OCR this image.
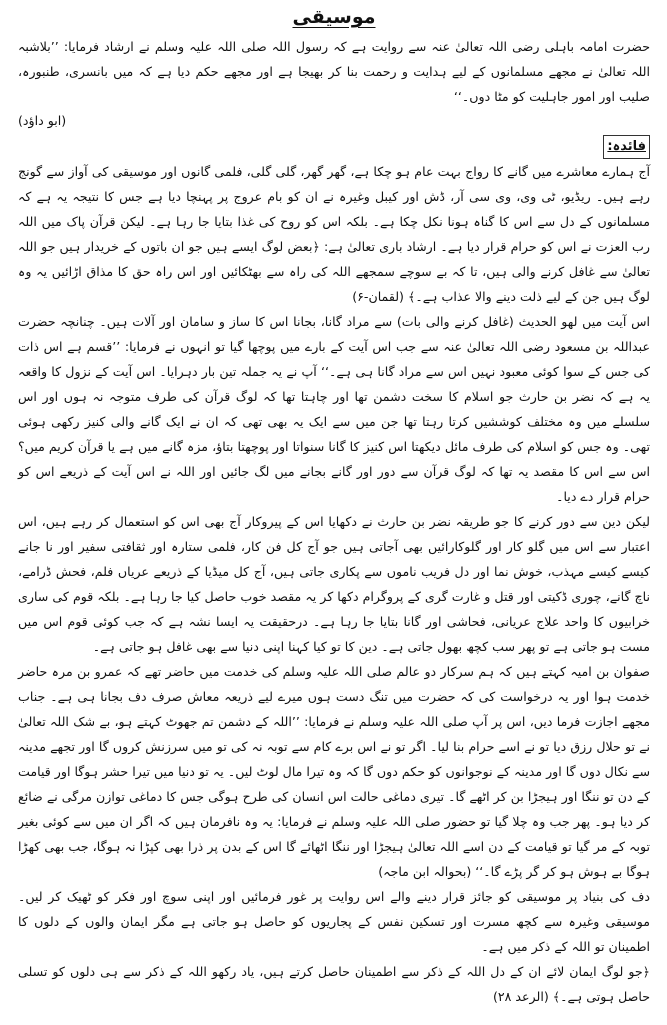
موسیقی

حضرت امامہ باہلی رضی اللہ تعالیٰ عنہ سے روایت ہے کہ رسول اللہ صلی اللہ علیہ وسلم نے ارشاد فرمایا: ’’بلاشبہ اللہ تعالیٰ نے مجھے مسلمانوں کے لیے ہدایت و رحمت بنا کر بھیجا ہے اور مجھے حکم دیا ہے کہ میں بانسری، طنبورہ، صلیب اور امور جاہلیت کو مٹا دوں۔‘‘

(ابو داؤد)

فائدہ:

آج ہمارے معاشرے میں گانے کا رواج بہت عام ہو چکا ہے، گھر گھر، گلی گلی، فلمی گانوں اور موسیقی کی آواز سے گونج رہے ہیں۔ ریڈیو، ٹی وی، وی سی آر، ڈش اور کیبل وغیرہ نے ان کو بام عروج پر پہنچا دیا ہے جس کا نتیجہ یہ ہے کہ مسلمانوں کے دل سے اس کا گناہ ہونا نکل چکا ہے۔ بلکہ اس کو روح کی غذا بتایا جا رہا ہے۔ لیکن قرآن پاک میں اللہ رب العزت نے اس کو حرام قرار دیا ہے۔ ارشاد باری تعالیٰ ہے: ﴿بعض لوگ ایسے ہیں جو ان باتوں کے خریدار ہیں جو اللہ تعالیٰ سے غافل کرنے والی ہیں، تا کہ بے سوچے سمجھے اللہ کی راہ سے بھٹکائیں اور اس راہ حق کا مذاق اڑائیں یہ وہ لوگ ہیں جن کے لیے ذلت دینے والا عذاب ہے۔﴾ (لقمان-۶)

اس آیت میں لھو الحدیث (غافل کرنے والی بات) سے مراد گانا، بجانا اس کا ساز و سامان اور آلات ہیں۔ چنانچہ حضرت عبداللہ بن مسعود رضی اللہ تعالیٰ عنہ سے جب اس آیت کے بارے میں پوچھا گیا تو انہوں نے فرمایا: ’’قسم ہے اس ذات کی جس کے سوا کوئی معبود نہیں اس سے مراد گانا ہی ہے۔‘‘ آپ نے یہ جملہ تین بار دہرایا۔ اس آیت کے نزول کا واقعہ یہ ہے کہ نضر بن حارث جو اسلام کا سخت دشمن تھا اور چاہتا تھا کہ لوگ قرآن کی طرف متوجہ نہ ہوں اور اس سلسلے میں وہ مختلف کوششیں کرتا رہتا تھا جن میں سے ایک یہ بھی تھی کہ ان نے ایک گانے والی کنیز رکھی ہوئی تھی۔ وہ جس کو اسلام کی طرف مائل دیکھتا اس کنیز کا گانا سنواتا اور پوچھتا بتاؤ، مزہ گانے میں ہے یا قرآن کریم میں؟ اس سے اس کا مقصد یہ تھا کہ لوگ قرآن سے دور اور گانے بجانے میں لگ جائیں اور اللہ نے اس آیت کے ذریعے اس کو حرام قرار دے دیا۔

لیکن دین سے دور کرنے کا جو طریقہ نضر بن حارث نے دکھایا اس کے پیروکار آج بھی اس کو استعمال کر رہے ہیں، اس اعتبار سے اس میں گلو کار اور گلوکارائیں بھی آجاتی ہیں جو آج کل فن کار، فلمی ستارہ اور ثقافتی سفیر اور نا جانے کیسے کیسے مہذب، خوش نما اور دل فریب ناموں سے پکاری جاتی ہیں، آج کل میڈیا کے ذریعے عریاں فلم، فحش ڈرامے، ناچ گانے، چوری ڈکیتی اور قتل و غارت گری کے پروگرام دکھا کر یہ مقصد خوب حاصل کیا جا رہا ہے۔ بلکہ قوم کی ساری خرابیوں کا واحد علاج عریانی، فحاشی اور گانا بتایا جا رہا ہے۔ درحقیقت یہ ایسا نشہ ہے کہ جب کوئی قوم اس میں مست ہو جاتی ہے تو پھر سب کچھ بھول جاتی ہے۔ دین کا تو کیا کہنا اپنی دنیا سے بھی غافل ہو جاتی ہے۔

صفوان بن امیہ کہتے ہیں کہ ہم سرکار دو عالم صلی اللہ علیہ وسلم کی خدمت میں حاضر تھے کہ عمرو بن مرہ حاضر خدمت ہوا اور یہ درخواست کی کہ حضرت میں تنگ دست ہوں میرے لیے ذریعہ معاش صرف دف بجانا ہی ہے۔ جناب مجھے اجازت فرما دیں، اس پر آپ صلی اللہ علیہ وسلم نے فرمایا: ’’اللہ کے دشمن تم جھوٹ کہتے ہو، بے شک اللہ تعالیٰ نے تو حلال رزق دیا تو نے اسے حرام بنا لیا۔ اگر تو نے اس برے کام سے توبہ نہ کی تو میں سرزنش کروں گا اور تجھے مدینہ سے نکال دوں گا اور مدینہ کے نوجوانوں کو حکم دوں گا کہ وہ تیرا مال لوٹ لیں۔ یہ تو دنیا میں تیرا حشر ہوگا اور قیامت کے دن تو ننگا اور ہیجڑا بن کر اٹھے گا۔ تیری دماغی حالت اس انسان کی طرح ہوگی جس کا دماغی توازن مرگی نے ضائع کر دیا ہو۔ پھر جب وہ چلا گیا تو حضور صلی اللہ علیہ وسلم نے فرمایا: یہ وہ نافرمان ہیں کہ اگر ان میں سے کوئی بغیر توبہ کے مر گیا تو قیامت کے دن اسے اللہ تعالیٰ ہیجڑا اور ننگا اٹھائے گا اس کے بدن پر ذرا بھی کپڑا نہ ہوگا، جب بھی کھڑا ہوگا بے ہوش ہو کر گر پڑے گا۔‘‘ (بحوالہ ابن ماجہ)

دف کی بنیاد پر موسیقی کو جائز قرار دینے والے اس روایت پر غور فرمائیں اور اپنی سوچ اور فکر کو ٹھیک کر لیں۔ موسیقی وغیرہ سے کچھ مسرت اور تسکین نفس کے پجاریوں کو حاصل ہو جاتی ہے مگر ایمان والوں کے دلوں کا اطمینان تو اللہ کے ذکر میں ہے۔

﴿جو لوگ ایمان لائے ان کے دل اللہ کے ذکر سے اطمینان حاصل کرتے ہیں، یاد رکھو اللہ کے ذکر سے ہی دلوں کو تسلی حاصل ہوتی ہے۔﴾ (الرعد ۲۸)
